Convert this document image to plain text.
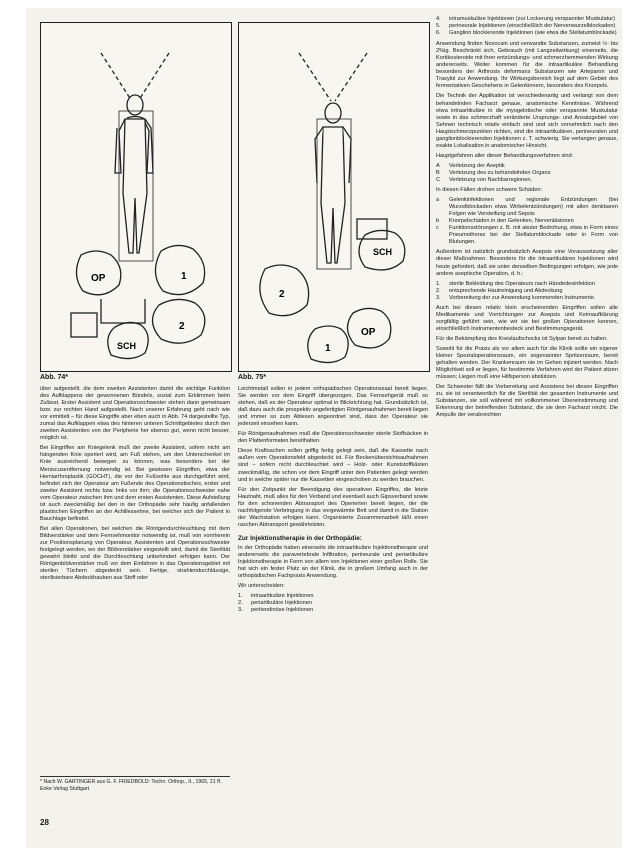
OP	1
2
SCH
Abb. 74*
SCH
2
OP
1
Abb. 75*

über aufgestellt. die dem zweiten Assistenten damit die wichtige Funktion des Aufklappens der gewonnenen Bündels, sozial zum Erklimmen beim Zulässt. Erster Assistent und Operationsschwester stehen dann gemeinsam bzw. zur rechten Hand aufgestellt. Nach unserer Erfahrung geht nach wie vor ermittelt – für diese Eingriffe aber eben auch in Abb. 74 dargestellte Typ, zumal das Aufklappen etwa des hinteren unteren Schnittgebietes durch den zweiten Assistenten von der Peripherie her ebenso gut, wenn nicht besser, möglich ist.

Bei Eingriffen am Kniegelenk muß der zweite Assistent, sofern nicht am hängenden Knie operiert wird, am Fuß stehen, um den Unterschenkel im Knie ausreichend bewegen zu können, was besonders bei der Meniscusentfernung notwendig ist. Bei gewissen Eingriffen, etwa der Hemiarthroplastik (GOCHT), die vor der Fußsohle aus durchgeführt wird, befindet sich der Operateur am Fußende des Operationstisches, erster und zweiter Assistent rechts bzw. links vor ihm; die Operationsschwester nahe vom Operateur zwischen ihm und dem ersten Assistenten. Diese Aufstellung ist auch zweckmäßig bei den in der Orthopädie sehr häufig anfallenden plastischen Eingriffen an der Achillessehne, bei welcher sich der Patient in Bauchlage befindet.

Bei allen Operationen, bei welchen die Röntgendurchleuchtung mit dem Bildverstärker und dem Fernsehmonitor notwendig ist, muß von vornherein zur Positionsplanung von Operateur, Assistenten und Operationsschwester festgelegt werden, wo der Bildverstärker eingestellt wird, damit die Sterilität gewahrt bleibt und die Durchleuchtung unbehindert erfolgen kann. Der Röntgenbildverstärker muß vor dem Einfahren in das Operationsgebiet mit sterilen Tüchern abgedeckt sein. Fertige, strahlendurchlässige, sterilisierbare Abdeckhauben aus Stoff oder

* Nach W. GARTINGER aus G. F. FRIEDBOLD: Techn. Orthop., II., 1965, 21 ff. Enke Verlag Stuttgart
28

Leichtmetall sollen in jedem orthopädischen Operationssaal bereit liegen. Sie werden vor dem Eingriff übergezogen. Das Fernsehgerät muß so stehen, daß es der Operateur optimal in Blickrichtung hat. Grundsätzlich ist, daß dazu auch die prospektiv angefertigten Röntgenaufnahmen bereit liegen und immer so zum Ablesen angeordnet sind, dass der Operateur sie jederzeit einsehen kann.

Für Röntgenaufnahmen muß die Operationsschwester sterile Stoffsäcken in den Plattenformaten bereithalten.

Diese Kraftsachen sollen griffig fertig gelegt sein, daß die Kassette nach außen vom Operationsfeld abgedeckt ist. Für Beckenübersichtsaufnahmen sind – sofern nicht durchleuchtet wird – Holz- oder Kunststoffkästen zweckmäßig, die schon vor dem Eingriff unter den Patienten gelegt werden und in welche später nur die Kassetten eingeschoben zu werden brauchen.

Für den Zeitpunkt der Beendigung des operativen Eingriffes, die letzte Hautnaht, muß alles für den Verband und eventuell auch Gipsverband sowie für den schonenden Abtransport des Operierten bereit liegen, der die nachfolgende Verbringung in das vorgewärmte Bett und damit in die Station der Wachstation erfolgen kann. Organisierte Zusammenarbeit läßt einen raschen Abtransport gewährleisten.

Zur Injektionstherapie in der Orthopädie:

In der Orthopädie haben einerseits die intraartikuläre Injektionstherapie und andererseits die paravertebrale Infiltration, perineurale und periartikuläre Injektionstherapie in Form von allem von Injektionen einer großen Rolle. Sie hat sich ein fester Platz an der Klinik, die in großem Umfang auch in der orthopädischen Fachpraxis Anwendung.

Wir unterscheiden:

1.	intraartikuläre Injektionen
2.	periartikuläre Injektionen
3.	peritendinöse Injektionen
4.	intramuskuläre Injektionen (zur Lockerung verspannter Muskulatur)
5.	perineurale Injektionen (einschließlich der Nervenwurzelblockaden)
6.	Ganglion blockierende Injektionen (wie etwa die Stellatumblockade)

Anwendung finden Novocain und verwandte Substanzen, zumeist ½- bis 2%ig. Beschränkt sich, Gebrauch (mit Langzeitwirkung) einerseits, die Kortikosteroide mit ihrer entzündungs- und schmerzhemmenden Wirkung andererseits. Weiter kommen für die intraartikuläre Behandlung besonders der Arthrosis deformans Substanzen wie Arteparon und Trasylol zur Anwendung. Ihr Wirkungsbereich liegt auf dem Gebiet des fermentativen Geschehens in Gelenkinnern, besonders des Knorpels.

Die Technik der Applikation ist verschiedenartig und verlangt von dem behandelnden Facharzt genaue, anatomische Kenntnisse. Während etwa intraartikuläre in die myogelotische oder verspannte Muskulatur sowie in das schmerzhaft veränderte Ursprungs- und Ansatzgebiet von Sehnen technisch relativ einfach sind und sich vornehmlich nach den Hauptschmerzpunkten richten, sind die intraartikulären, perineuralen und ganglionblockierenden Injektionen z. T. schwierig. Sie verlangen genaue, exakte Lokalisation in anatomischer Hinsicht.

Hauptgefahren aller dieser Behandlungsverfahren sind:

A	Verletzung der Aseptik
B	Verletzung des zu behandelnden Organs
C	Verletzung von Nachbarregionen.

In diesen Fällen drohen schwere Schäden:

a	Gelenkinfektionen und regionale Entzündungen (bei Wurzelblockaden etwa Wirbelentzündungen) mit allen denkbaren Folgen wie Versteifung und Sepsis
b	Knorpelschäden in den Gelenken, Nervenläsionen
c	Funktionsstörungen z. B. mit akuter Bedrohung, etwa in Form eines Pneumothorax bei der Stellatumblockade oder in Form von Blutungen.

Außerdem ist natürlich grundsätzlich Asepsis eine Voraussetzung aller dieser Maßnahmen. Besonders für die intraartikulären Injektionen wird heute gefordert, daß sie unter denselben Bedingungen erfolgen, wie jede andere aseptische Operation, d. h.:

1.	sterile Bekleidung des Operateurs nach Händedesinfektion
2.	entsprechende Hautreinigung und Abdeckung
3.	Vorbereitung der zur Anwendung kommenden Instrumente.

Auch bei diesen relativ klein erscheinenden Eingriffen sollen alle Medikamente und Vorrichtungen zur Asepsis und Keimaufklärung sorgfältig geführt sein, wie wir sie bei großen Operationen kennen, einschließlich Instrumentenbesteck und Bestimmungsgerät.

Für die Bekämpfung des Kreislaufschocks ist Sylpan bereit zu halten.

Sowohl für die Praxis als vor allem auch für die Klinik sollte ein eigener kleiner Spezialoperationsraum, ein sogenannter Spritzenraum, bereit gehalten werden. Der Krankenraum nie im Gehen injiziert werden. Nach Möglichkeit soll er liegen, für bestimmte Verfahren wird der Patient sitzen müssen; Liegen muß eine Hilfsperson abstützen.

Der Schwester fällt die Vorbereitung und Assistenz bei diesen Eingriffen zu, sie ist verantwortlich für die Sterilität der gesamten Instrumente und Substanzen, sie soll während mit vollkommener Übereinstimmung und Erkennung der betreffenden Substanz, die sie dem Facharzt reicht. Die Ampulle der verabreichten
